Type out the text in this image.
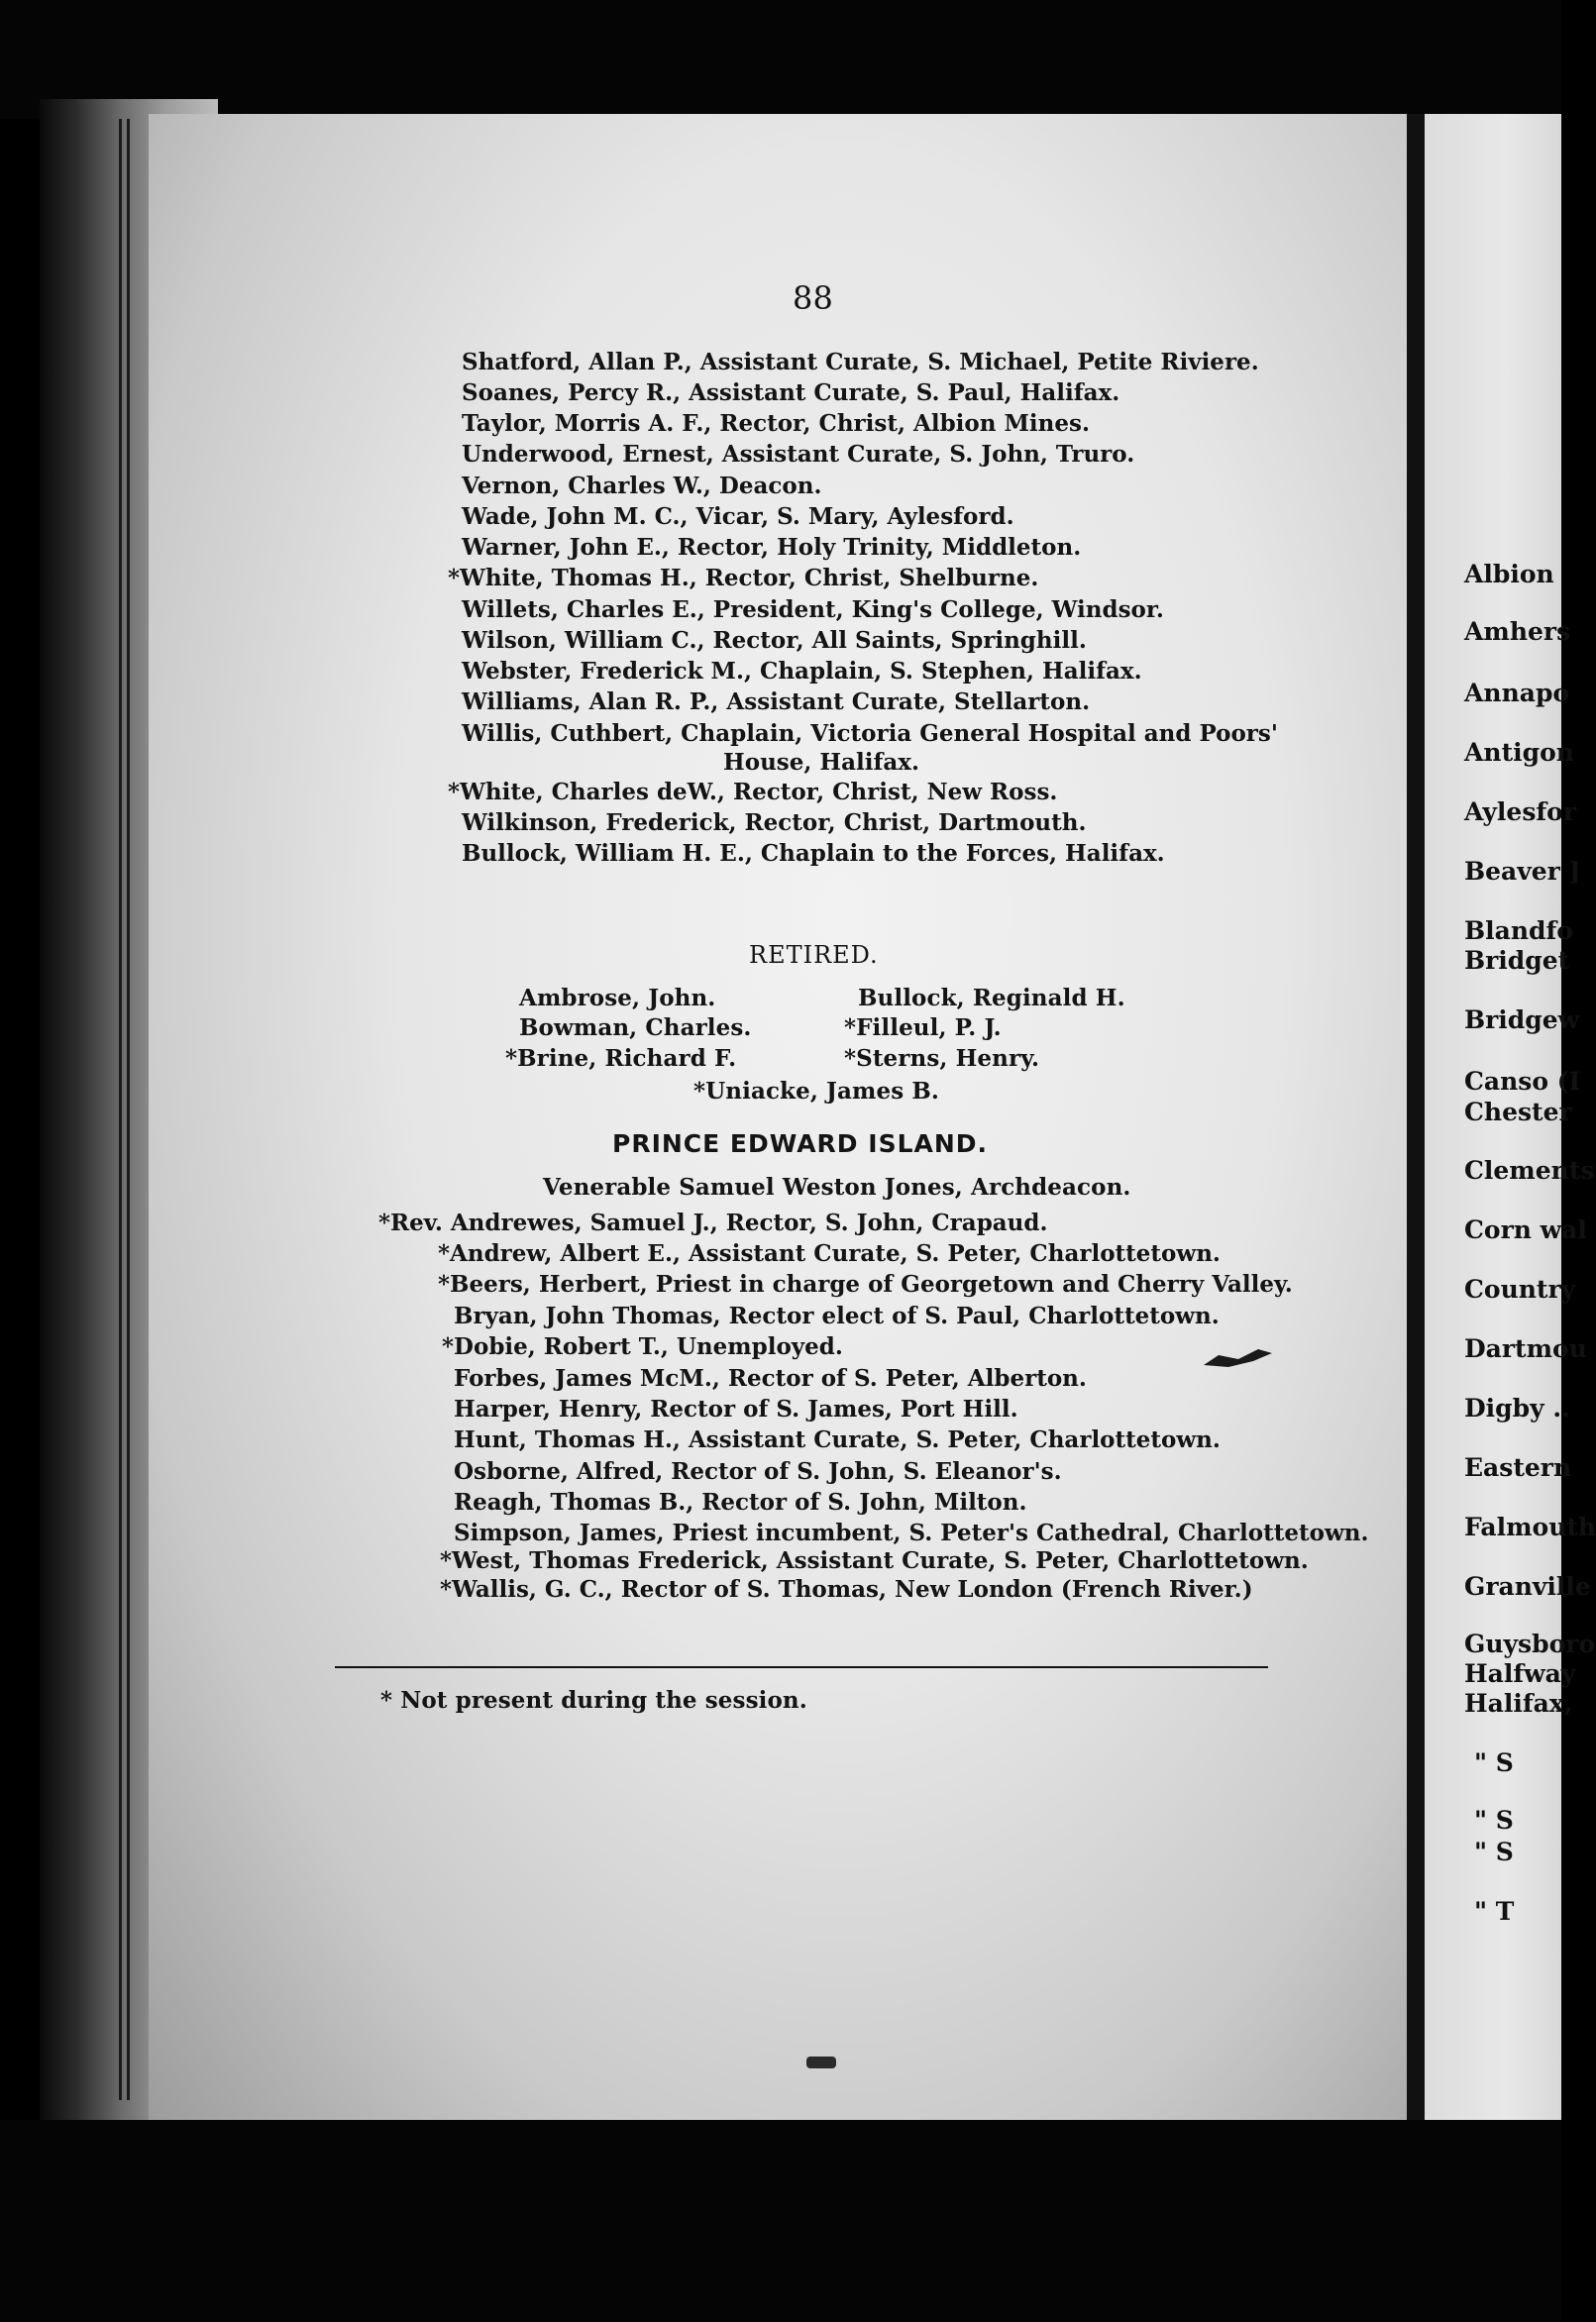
Albion
Amhers
Annapo
Antigon
Aylesfor
Beaver ]
Blandfo
Bridget
Bridgew
Canso (I
Chester
Clements
Corn wal
Country
Dartmou
Digby ..
Eastern
Falmouth
Granville
Guysboro
Halfway
Halifax,
" S
" S
" S
" T
88
Shatford, Allan P., Assistant Curate, S. Michael, Petite Riviere.
Soanes, Percy R., Assistant Curate, S. Paul, Halifax.
Taylor, Morris A. F., Rector, Christ, Albion Mines.
Underwood, Ernest, Assistant Curate, S. John, Truro.
Vernon, Charles W., Deacon.
Wade, John M. C., Vicar, S. Mary, Aylesford.
Warner, John E., Rector, Holy Trinity, Middleton.
*White, Thomas H., Rector, Christ, Shelburne.
Willets, Charles E., President, King's College, Windsor.
Wilson, William C., Rector, All Saints, Springhill.
Webster, Frederick M., Chaplain, S. Stephen, Halifax.
Williams, Alan R. P., Assistant Curate, Stellarton.
Willis, Cuthbert, Chaplain, Victoria General Hospital and Poors'
House, Halifax.
*White, Charles deW., Rector, Christ, New Ross.
Wilkinson, Frederick, Rector, Christ, Dartmouth.
Bullock, William H. E., Chaplain to the Forces, Halifax.
RETIRED.
Ambrose, John.
Bowman, Charles.
*Brine, Richard F.
Bullock, Reginald H.
*Filleul, P. J.
*Sterns, Henry.
*Uniacke, James B.
PRINCE EDWARD ISLAND.
Venerable Samuel Weston Jones, Archdeacon.
*Rev. Andrewes, Samuel J., Rector, S. John, Crapaud.
*Andrew, Albert E., Assistant Curate, S. Peter, Charlottetown.
*Beers, Herbert, Priest in charge of Georgetown and Cherry Valley.
Bryan, John Thomas, Rector elect of S. Paul, Charlottetown.
*Dobie, Robert T., Unemployed.
Forbes, James McM., Rector of S. Peter, Alberton.
Harper, Henry, Rector of S. James, Port Hill.
Hunt, Thomas H., Assistant Curate, S. Peter, Charlottetown.
Osborne, Alfred, Rector of S. John, S. Eleanor's.
Reagh, Thomas B., Rector of S. John, Milton.
Simpson, James, Priest incumbent, S. Peter's Cathedral, Charlottetown.
*West, Thomas Frederick, Assistant Curate, S. Peter, Charlottetown.
*Wallis, G. C., Rector of S. Thomas, New London (French River.)
* Not present during the session.
